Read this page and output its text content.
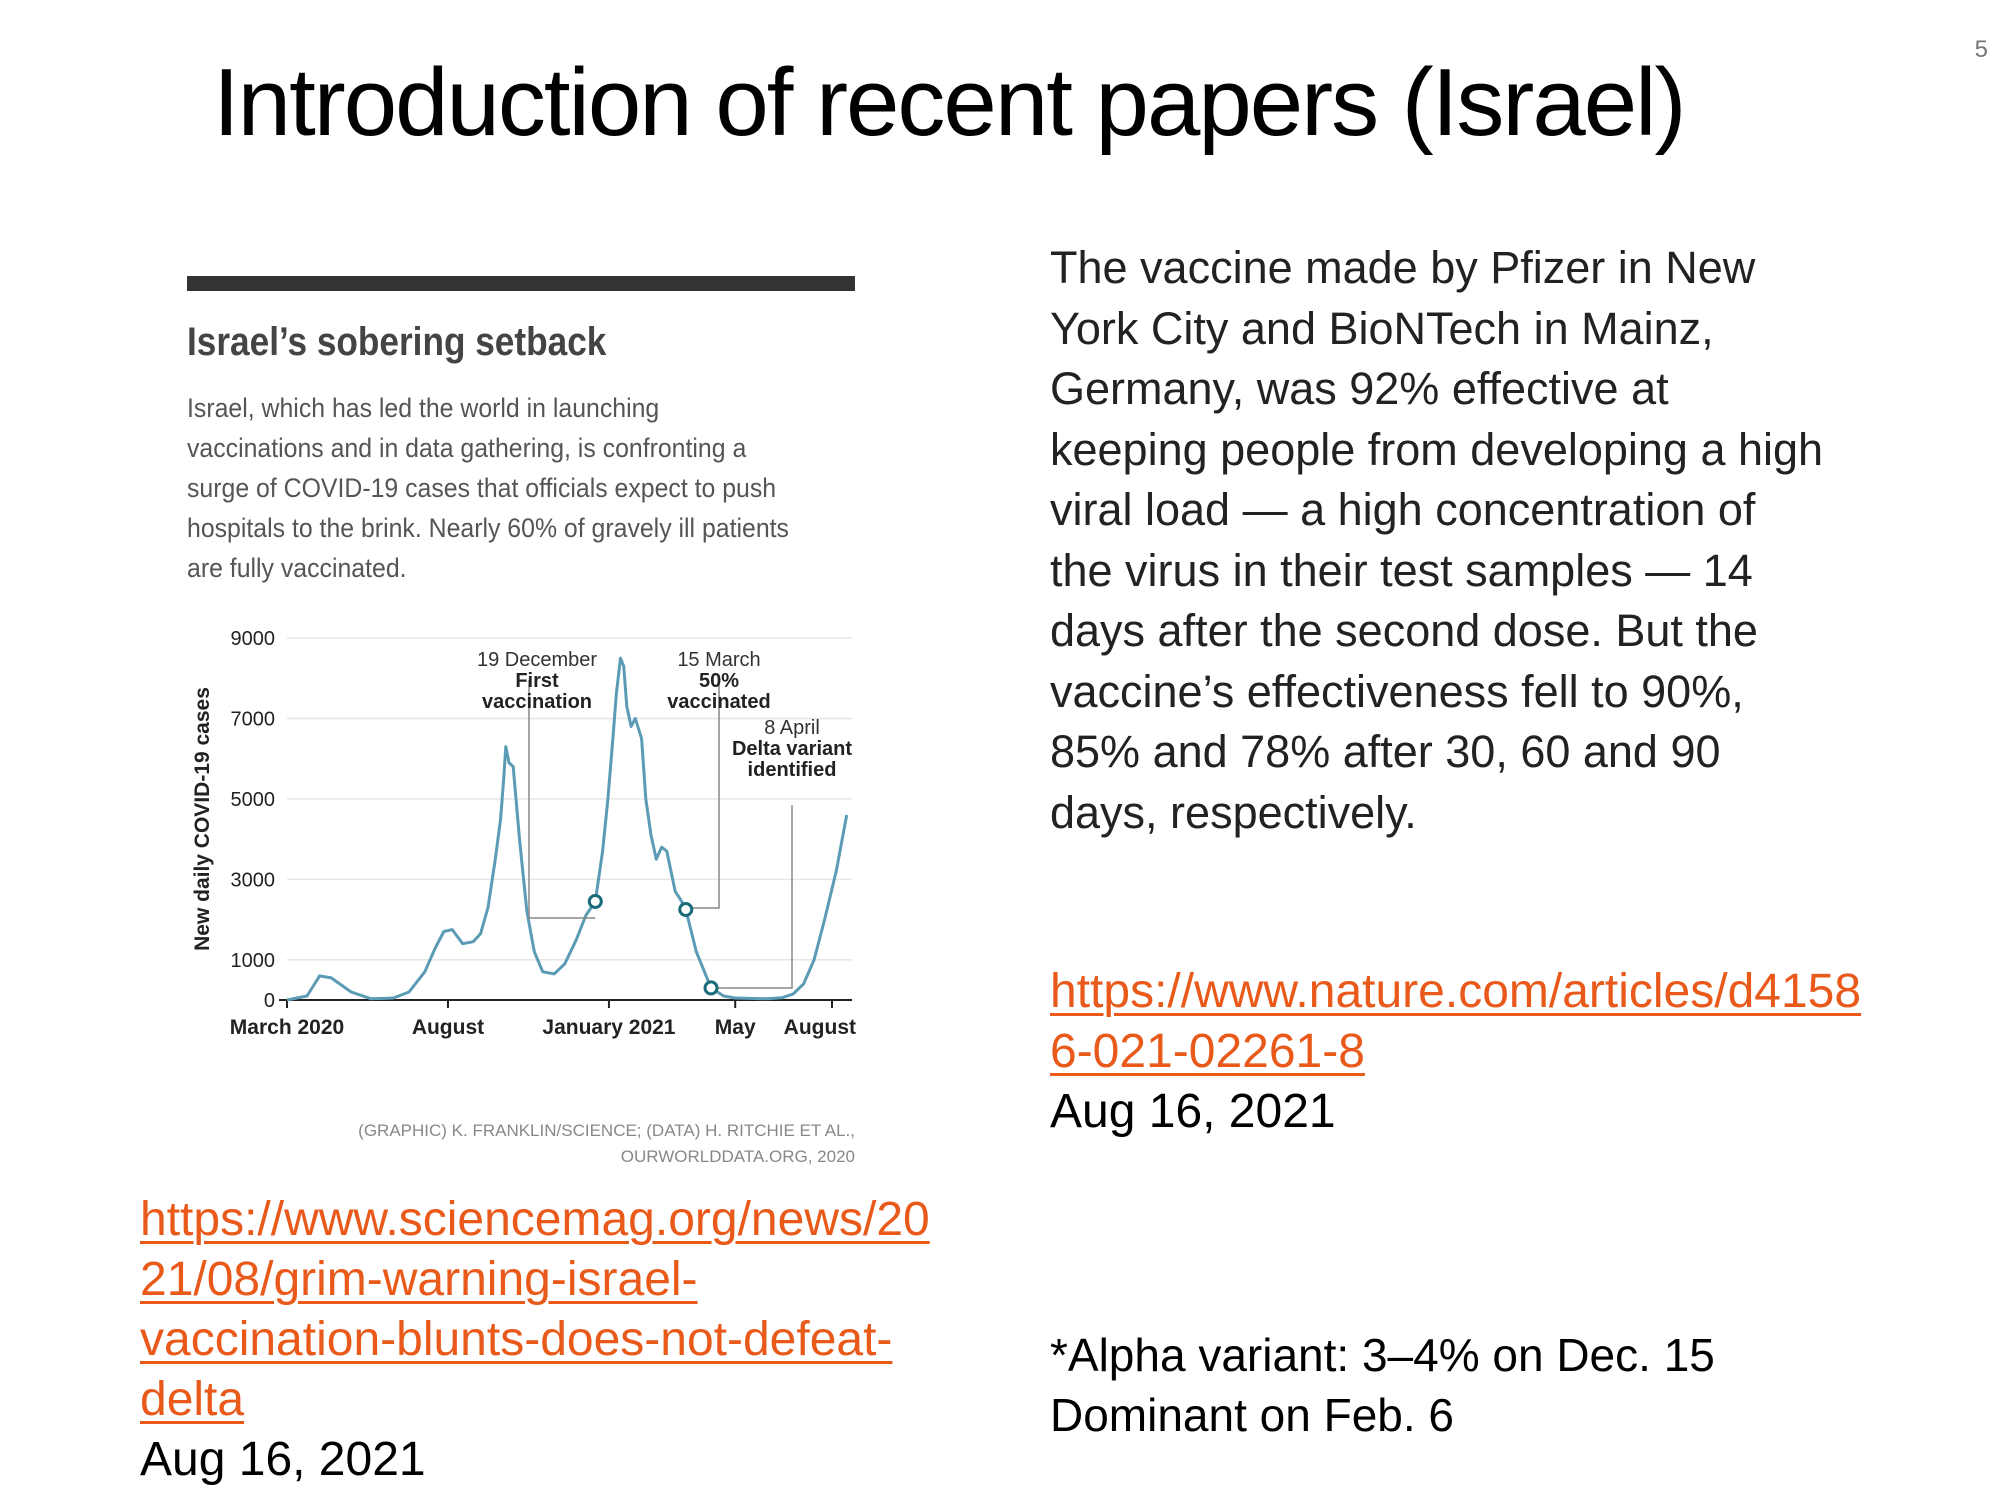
5
Introduction of recent papers (Israel)
Israel’s sobering setback
Israel, which has led the world in launching
vaccinations and in data gathering, is confronting a
surge of COVID-19 cases that officials expect to push
hospitals to the brink. Nearly 60% of gravely ill patients
are fully vaccinated.
0
1000
3000
5000
7000
9000
New daily COVID-19 cases
March 2020	August	January 2021 May August
19 December
First
vaccination
15 March
50%
vaccinated
8 April
Delta variant
identified
(GRAPHIC) K. FRANKLIN/SCIENCE; (DATA) H. RITCHIE ET AL.,
OURWORLDDATA.ORG, 2020
https://www.sciencemag.org/news/20
21/08/grim-warning-israel-
vaccination-blunts-does-not-defeat-
delta
Aug 16, 2021
The vaccine made by Pfizer in New
York City and BioNTech in Mainz,
Germany, was 92% effective at
keeping people from developing a high
viral load — a high concentration of
the virus in their test samples — 14
days after the second dose. But the
vaccine’s effectiveness fell to 90%,
85% and 78% after 30, 60 and 90
days, respectively.
https://www.nature.com/articles/d4158
6-021-02261-8
Aug 16, 2021
*Alpha variant: 3–4% on Dec. 15
Dominant on Feb. 6
